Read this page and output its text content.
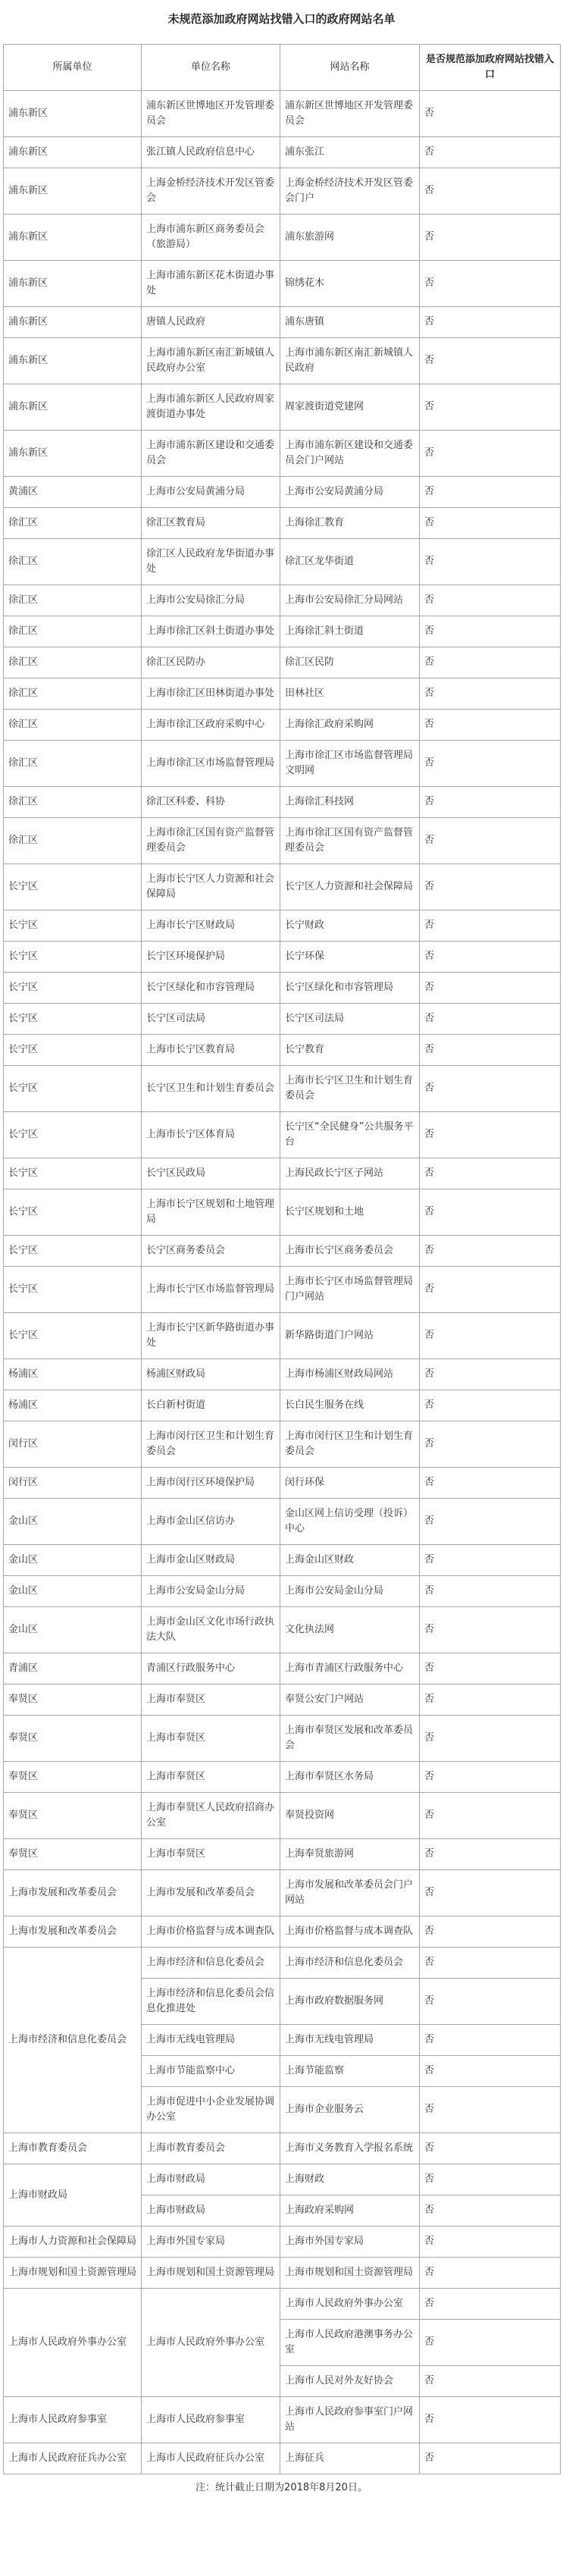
未规范添加政府网站找错入口的政府网站名单
所属单位	单位名称	网站名称	是否规范添加政府网站找错入口
浦东新区	浦东新区世博地区开发管理委员会	浦东新区世博地区开发管理委员会	否
浦东新区	张江镇人民政府信息中心	浦东张江	否
浦东新区	上海金桥经济技术开发区管委会	上海金桥经济技术开发区管委会门户	否
浦东新区	上海市浦东新区商务委员会（旅游局）	浦东旅游网	否
浦东新区	上海市浦东新区花木街道办事处	锦绣花木	否
浦东新区	唐镇人民政府	浦东唐镇	否
浦东新区	上海市浦东新区南汇新城镇人民政府办公室	上海市浦东新区南汇新城镇人民政府	否
浦东新区	上海市浦东新区人民政府周家渡街道办事处	周家渡街道党建网	否
浦东新区	上海市浦东新区建设和交通委员会	上海市浦东新区建设和交通委员会门户网站	否
黄浦区	上海市公安局黄浦分局	上海市公安局黄浦分局	否
徐汇区	徐汇区教育局	上海徐汇教育	否
徐汇区	徐汇区人民政府龙华街道办事处	徐汇区龙华街道	否
徐汇区	上海市公安局徐汇分局	上海市公安局徐汇分局网站	否
徐汇区	上海市徐汇区斜土街道办事处	上海徐汇斜土街道	否
徐汇区	徐汇区民防办	徐汇区民防	否
徐汇区	上海市徐汇区田林街道办事处	田林社区	否
徐汇区	上海市徐汇区政府采购中心	上海徐汇政府采购网	否
徐汇区	上海市徐汇区市场监督管理局	上海市徐汇区市场监督管理局文明网	否
徐汇区	徐汇区科委、科协	上海徐汇科技网	否
徐汇区	上海市徐汇区国有资产监督管理委员会	上海市徐汇区国有资产监督管理委员会	否
长宁区	上海市长宁区人力资源和社会保障局	长宁区人力资源和社会保障局	否
长宁区	上海市长宁区财政局	长宁财政	否
长宁区	长宁区环境保护局	长宁环保	否
长宁区	长宁区绿化和市容管理局	长宁区绿化和市容管理局	否
长宁区	长宁区司法局	长宁区司法局	否
长宁区	上海市长宁区教育局	长宁教育	否
长宁区	长宁区卫生和计划生育委员会	上海市长宁区卫生和计划生育委员会	否
长宁区	上海市长宁区体育局	长宁区“全民健身”公共服务平台	否
长宁区	长宁区民政局	上海民政长宁区子网站	否
长宁区	上海市长宁区规划和土地管理局	长宁区规划和土地	否
长宁区	长宁区商务委员会	上海市长宁区商务委员会	否
长宁区	上海市长宁区市场监督管理局	上海市长宁区市场监督管理局门户网站	否
长宁区	上海市长宁区新华路街道办事处	新华路街道门户网站	否
杨浦区	杨浦区财政局	上海市杨浦区财政局网站	否
杨浦区	长白新村街道	长白民生服务在线	否
闵行区	上海市闵行区卫生和计划生育委员会	上海市闵行区卫生和计划生育委员会	否
闵行区	上海市闵行区环境保护局	闵行环保	否
金山区	上海市金山区信访办	金山区网上信访受理（投诉）中心	否
金山区	上海市金山区财政局	上海金山区财政	否
金山区	上海市公安局金山分局	上海市公安局金山分局	否
金山区	上海市金山区文化市场行政执法大队	文化执法网	否
青浦区	青浦区行政服务中心	上海市青浦区行政服务中心	否
奉贤区	上海市奉贤区	奉贤公安门户网站	否
奉贤区	上海市奉贤区	上海市奉贤区发展和改革委员会	否
奉贤区	上海市奉贤区	上海市奉贤区水务局	否
奉贤区	上海市奉贤区人民政府招商办公室	奉贤投资网	否
奉贤区	上海市奉贤区	上海奉贤旅游网	否
上海市发展和改革委员会	上海市发展和改革委员会	上海市发展和改革委员会门户网站	否
上海市发展和改革委员会	上海市价格监督与成本调查队	上海市价格监督与成本调查队	否
上海市经济和信息化委员会	上海市经济和信息化委员会	上海市经济和信息化委员会	否
	上海市经济和信息化委员会信息化推进处	上海市政府数据服务网	否
	上海市无线电管理局	上海市无线电管理局	否
	上海市节能监察中心	上海节能监察	否
	上海市促进中小企业发展协调办公室	上海市企业服务云	否
上海市教育委员会	上海市教育委员会	上海市义务教育入学报名系统	否
上海市财政局	上海市财政局	上海财政	否
	上海市财政局	上海政府采购网	否
上海市人力资源和社会保障局	上海市外国专家局	上海市外国专家局	否
上海市规划和国土资源管理局	上海市规划和国土资源管理局	上海市规划和国土资源管理局	否
上海市人民政府外事办公室	上海市人民政府外事办公室	上海市人民政府外事办公室	否
		上海市人民政府港澳事务办公室	否
		上海市人民对外友好协会	否
上海市人民政府参事室	上海市人民政府参事室	上海市人民政府参事室门户网站	否
上海市人民政府征兵办公室	上海市人民政府征兵办公室	上海征兵	否
注：统计截止日期为2018年8月20日。
